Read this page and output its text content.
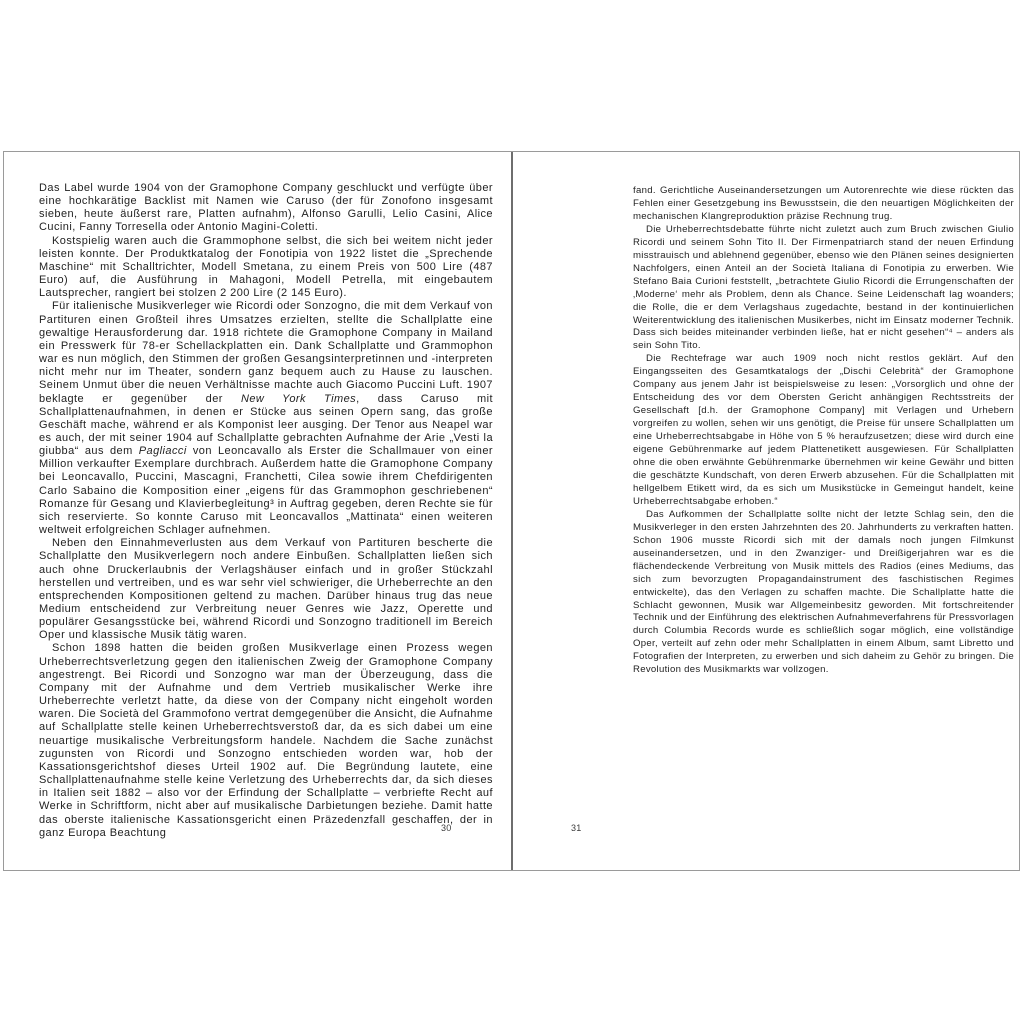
Das Label wurde 1904 von der Gramophone Company geschluckt und verfügte über eine hochkarätige Backlist mit Namen wie Caruso (der für Zonofono insgesamt sieben, heute äußerst rare, Platten aufnahm), Alfonso Garulli, Lelio Casini, Alice Cucini, Fanny Torresella oder Antonio Magini-Coletti.

Kostspielig waren auch die Grammophone selbst, die sich bei weitem nicht jeder leisten konnte. Der Produktkatalog der Fonotipia von 1922 listet die „Sprechende Maschine“ mit Schalltrichter, Modell Smetana, zu einem Preis von 500 Lire (487 Euro) auf, die Ausführung in Mahagoni, Modell Petrella, mit eingebautem Lautsprecher, rangiert bei stolzen 2 200 Lire (2 145 Euro).

Für italienische Musikverleger wie Ricordi oder Sonzogno, die mit dem Verkauf von Partituren einen Großteil ihres Umsatzes erzielten, stellte die Schallplatte eine gewaltige Herausforderung dar. 1918 richtete die Gramophone Company in Mailand ein Presswerk für 78-er Schellackplatten ein. Dank Schallplatte und Grammophon war es nun möglich, den Stimmen der großen Gesangsinterpretinnen und -interpreten nicht mehr nur im Theater, sondern ganz bequem auch zu Hause zu lauschen. Seinem Unmut über die neuen Verhältnisse machte auch Giacomo Puccini Luft. 1907 beklagte er gegenüber der New York Times, dass Caruso mit Schallplattenaufnahmen, in denen er Stücke aus seinen Opern sang, das große Geschäft mache, während er als Komponist leer ausging. Der Tenor aus Neapel war es auch, der mit seiner 1904 auf Schallplatte gebrachten Aufnahme der Arie „Vesti la giubba“ aus dem Pagliacci von Leoncavallo als Erster die Schallmauer von einer Million verkaufter Exemplare durchbrach. Außerdem hatte die Gramophone Company bei Leoncavallo, Puccini, Mascagni, Franchetti, Cilea sowie ihrem Chefdirigenten Carlo Sabaino die Komposition einer „eigens für das Grammophon geschriebenen“ Romanze für Gesang und Klavierbegleitung³ in Auftrag gegeben, deren Rechte sie für sich reservierte. So konnte Caruso mit Leoncavallos „Mattinata“ einen weiteren weltweit erfolgreichen Schlager aufnehmen.

Neben den Einnahmeverlusten aus dem Verkauf von Partituren bescherte die Schallplatte den Musikverlegern noch andere Einbußen. Schallplatten ließen sich auch ohne Druckerlaubnis der Verlagshäuser einfach und in großer Stückzahl herstellen und vertreiben, und es war sehr viel schwieriger, die Urheberrechte an den entsprechenden Kompositionen geltend zu machen. Darüber hinaus trug das neue Medium entscheidend zur Verbreitung neuer Genres wie Jazz, Operette und populärer Gesangsstücke bei, während Ricordi und Sonzogno traditionell im Bereich Oper und klassische Musik tätig waren.

Schon 1898 hatten die beiden großen Musikverlage einen Prozess wegen Urheberrechtsverletzung gegen den italienischen Zweig der Gramophone Company angestrengt. Bei Ricordi und Sonzogno war man der Überzeugung, dass die Company mit der Aufnahme und dem Vertrieb musikalischer Werke ihre Urheberrechte verletzt hatte, da diese von der Company nicht eingeholt worden waren. Die Società del Grammofono vertrat demgegenüber die Ansicht, die Aufnahme auf Schallplatte stelle keinen Urheberrechtsverstoß dar, da es sich dabei um eine neuartige musikalische Verbreitungsform handele. Nachdem die Sache zunächst zugunsten von Ricordi und Sonzogno entschieden worden war, hob der Kassationsgerichtshof dieses Urteil 1902 auf. Die Begründung lautete, eine Schallplattenaufnahme stelle keine Verletzung des Urheberrechts dar, da sich dieses in Italien seit 1882 – also vor der Erfindung der Schallplatte – verbriefte Recht auf Werke in Schriftform, nicht aber auf musikalische Darbietungen beziehe. Damit hatte das oberste italienische Kassationsgericht einen Präzedenzfall geschaffen, der in ganz Europa Beachtung

fand. Gerichtliche Auseinandersetzungen um Autorenrechte wie diese rückten das Fehlen einer Gesetzgebung ins Bewusstsein, die den neuartigen Möglichkeiten der mechanischen Klangreproduktion präzise Rechnung trug.

Die Urheberrechtsdebatte führte nicht zuletzt auch zum Bruch zwischen Giulio Ricordi und seinem Sohn Tito II. Der Firmenpatriarch stand der neuen Erfindung misstrauisch und ablehnend gegenüber, ebenso wie den Plänen seines designierten Nachfolgers, einen Anteil an der Società Italiana di Fonotipia zu erwerben. Wie Stefano Baia Curioni feststellt, „betrachtete Giulio Ricordi die Errungenschaften der ‚Moderne‘ mehr als Problem, denn als Chance. Seine Leidenschaft lag woanders; die Rolle, die er dem Verlagshaus zugedachte, bestand in der kontinuierlichen Weiterentwicklung des italienischen Musikerbes, nicht im Einsatz moderner Technik. Dass sich beides miteinander verbinden ließe, hat er nicht gesehen“⁴ – anders als sein Sohn Tito.

Die Rechtefrage war auch 1909 noch nicht restlos geklärt. Auf den Eingangsseiten des Gesamtkatalogs der „Dischi Celebrità“ der Gramophone Company aus jenem Jahr ist beispielsweise zu lesen: „Vorsorglich und ohne der Entscheidung des vor dem Obersten Gericht anhängigen Rechtsstreits der Gesellschaft [d.h. der Gramophone Company] mit Verlagen und Urhebern vorgreifen zu wollen, sehen wir uns genötigt, die Preise für unsere Schallplatten um eine Urheberrechtsabgabe in Höhe von 5 % heraufzusetzen; diese wird durch eine eigene Gebührenmarke auf jedem Plattenetikett ausgewiesen. Für Schallplatten ohne die oben erwähnte Gebührenmarke übernehmen wir keine Gewähr und bitten die geschätzte Kundschaft, von deren Erwerb abzusehen. Für die Schallplatten mit hellgelbem Etikett wird, da es sich um Musikstücke in Gemeingut handelt, keine Urheberrechtsabgabe erhoben.“

Das Aufkommen der Schallplatte sollte nicht der letzte Schlag sein, den die Musikverleger in den ersten Jahrzehnten des 20. Jahrhunderts zu verkraften hatten. Schon 1906 musste Ricordi sich mit der damals noch jungen Filmkunst auseinandersetzen, und in den Zwanziger- und Dreißigerjahren war es die flächendeckende Verbreitung von Musik mittels des Radios (eines Mediums, das sich zum bevorzugten Propagandainstrument des faschistischen Regimes entwickelte), das den Verlagen zu schaffen machte. Die Schallplatte hatte die Schlacht gewonnen, Musik war Allgemeinbesitz geworden. Mit fortschreitender Technik und der Einführung des elektrischen Aufnahmeverfahrens für Pressvorlagen durch Columbia Records wurde es schließlich sogar möglich, eine vollständige Oper, verteilt auf zehn oder mehr Schallplatten in einem Album, samt Libretto und Fotografien der Interpreten, zu erwerben und sich daheim zu Gehör zu bringen. Die Revolution des Musikmarkts war vollzogen.

30	31
